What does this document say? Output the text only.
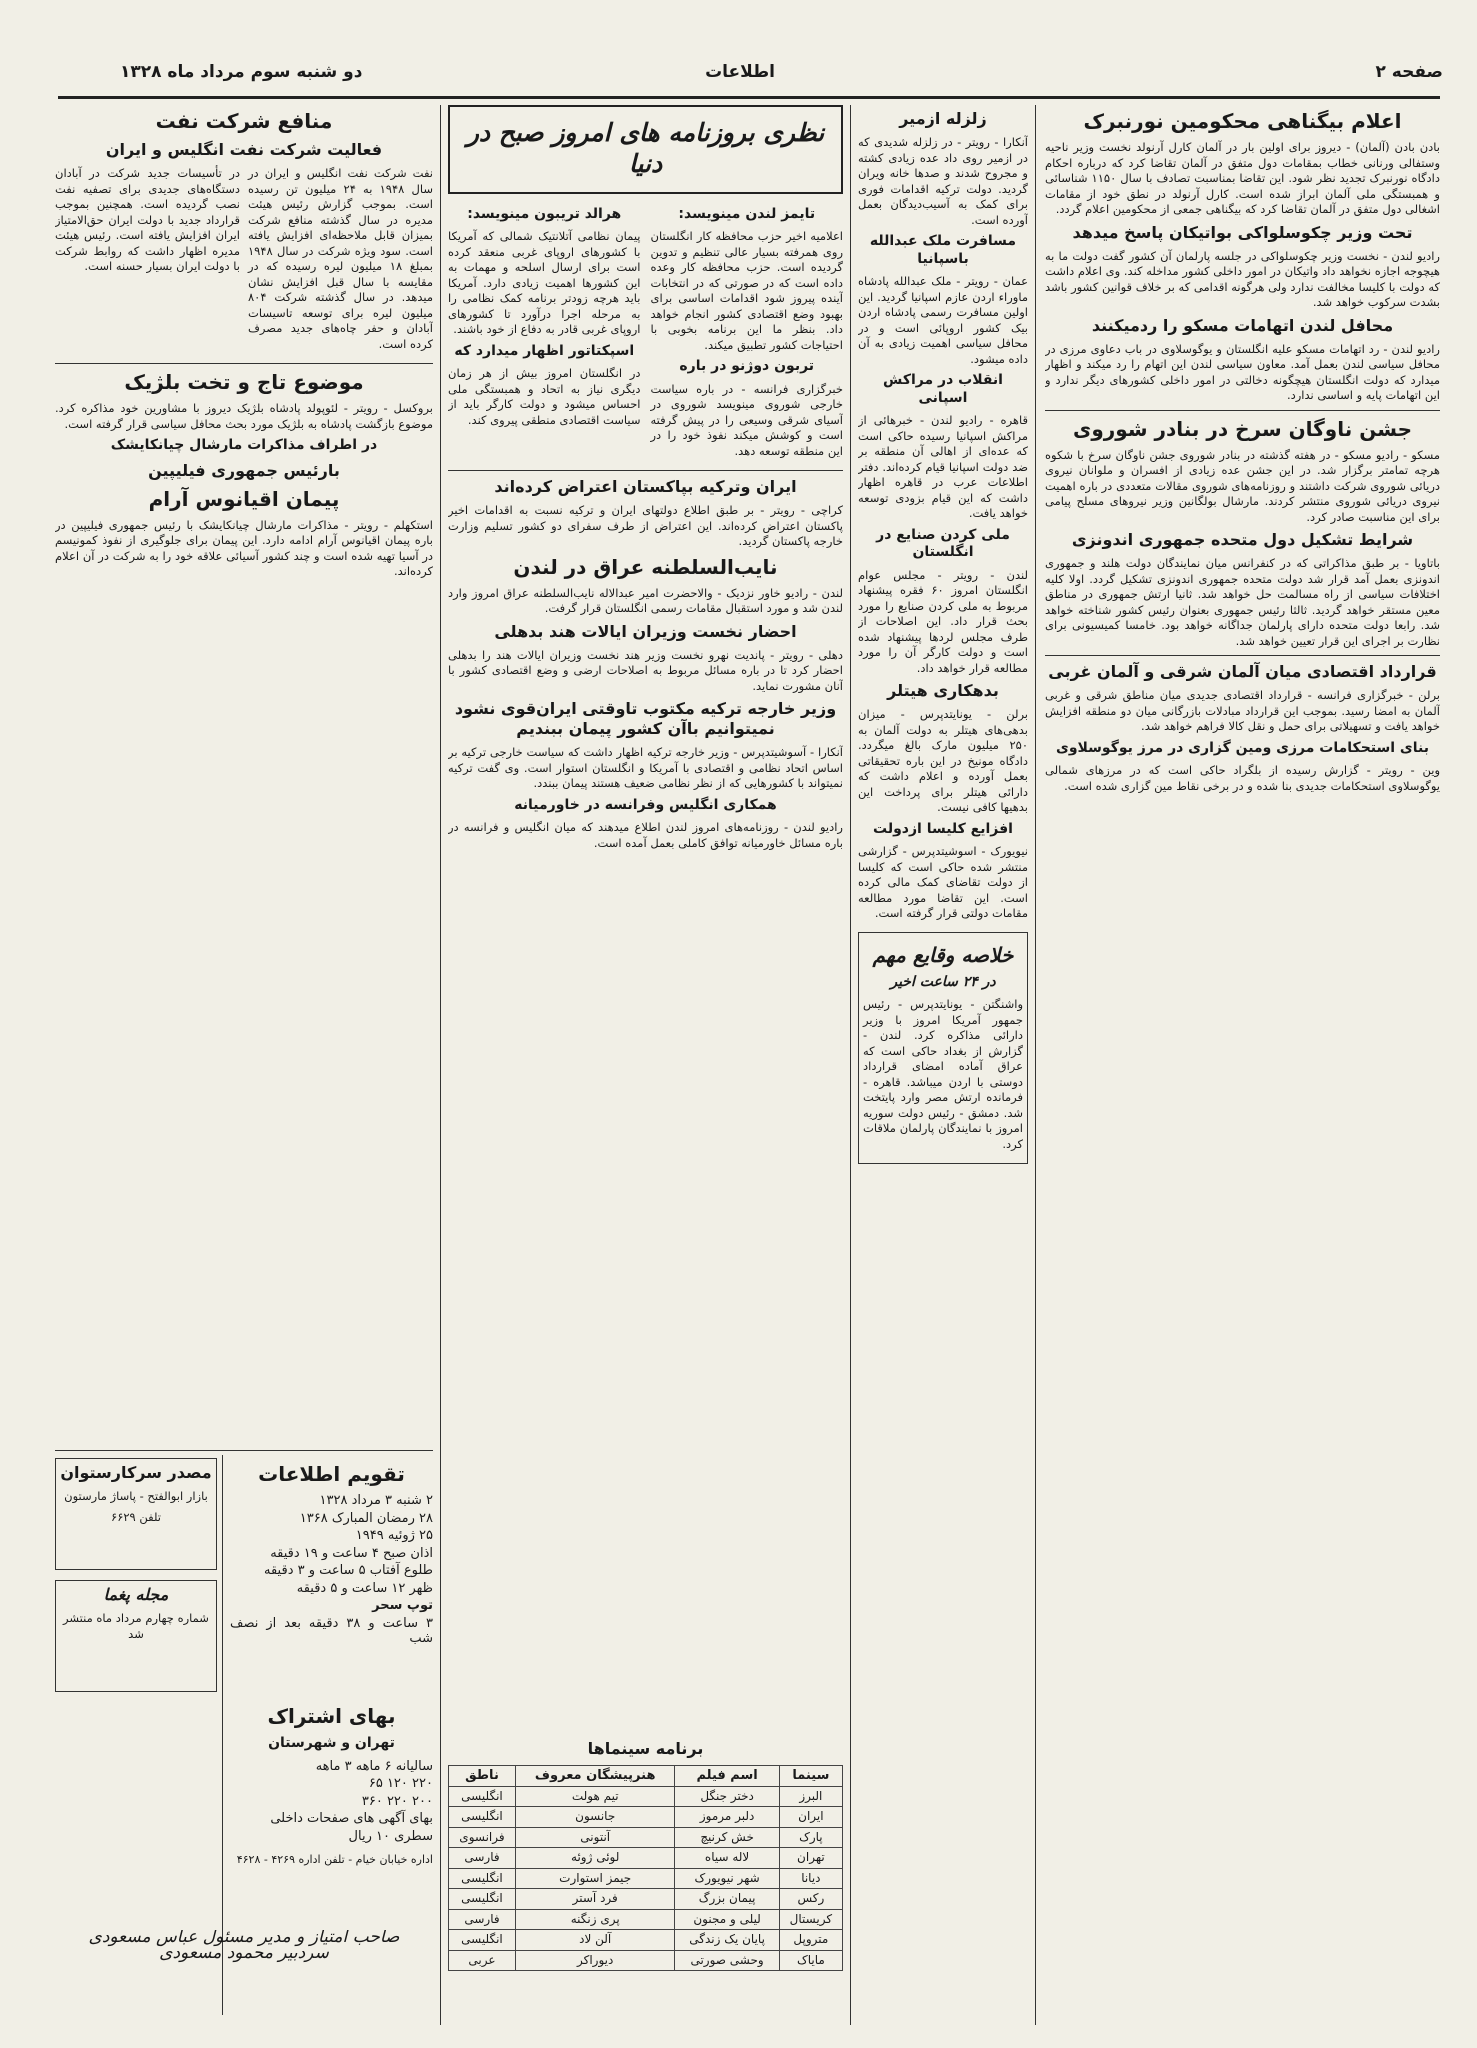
صفحه ۲
اطلاعات
دو شنبه سوم مرداد ماه ۱۳۲۸
اعلام بیگناهی محکومین نورنبرک

بادن بادن (آلمان) - دیروز برای اولین بار در آلمان کارل آرنولد نخست وزیر ناحیه وستفالی ورنانی خطاب بمقامات دول متفق در آلمان تقاضا کرد که درباره احکام دادگاه نورنبرک تجدید نظر شود. این تقاضا بمناسبت تصادف با سال ۱۱۵۰ شناسائی و همبستگی ملی آلمان ابراز شده است. کارل آرنولد در نطق خود از مقامات اشغالی دول متفق در آلمان تقاضا کرد که بیگناهی جمعی از محکومین اعلام گردد.

تحت وزیر چکوسلواکی بواتیکان پاسخ میدهد

رادیو لندن - نخست وزیر چکوسلواکی در جلسه پارلمان آن کشور گفت دولت ما به هیچوجه اجازه نخواهد داد واتیکان در امور داخلی کشور مداخله کند. وی اعلام داشت که دولت با کلیسا مخالفت ندارد ولی هرگونه اقدامی که بر خلاف قوانین کشور باشد بشدت سرکوب خواهد شد.

محافل لندن اتهامات مسکو را ردمیکنند

رادیو لندن - رد اتهامات مسکو علیه انگلستان و یوگوسلاوی در باب دعاوی مرزی در محافل سیاسی لندن بعمل آمد. معاون سیاسی لندن این اتهام را رد میکند و اظهار میدارد که دولت انگلستان هیچگونه دخالتی در امور داخلی کشورهای دیگر ندارد و این اتهامات پایه و اساسی ندارد.

جشن ناوگان سرخ در بنادر شوروی

مسکو - رادیو مسکو - در هفته گذشته در بنادر شوروی جشن ناوگان سرخ با شکوه هرچه تمامتر برگزار شد. در این جشن عده زیادی از افسران و ملوانان نیروی دریائی شوروی شرکت داشتند و روزنامه‌های شوروی مقالات متعددی در باره اهمیت نیروی دریائی شوروی منتشر کردند. مارشال بولگانین وزیر نیروهای مسلح پیامی برای این مناسبت صادر کرد.

شرایط تشکیل دول متحده جمهوری اندونزی

باتاویا - بر طبق مذاکراتی که در کنفرانس میان نمایندگان دولت هلند و جمهوری اندونزی بعمل آمد قرار شد دولت متحده جمهوری اندونزی تشکیل گردد. اولا کلیه اختلافات سیاسی از راه مسالمت حل خواهد شد. ثانیا ارتش جمهوری در مناطق معین مستقر خواهد گردید. ثالثا رئیس جمهوری بعنوان رئیس کشور شناخته خواهد شد. رابعا دولت متحده دارای پارلمان جداگانه خواهد بود. خامسا کمیسیونی برای نظارت بر اجرای این قرار تعیین خواهد شد.

قرارداد اقتصادی میان آلمان شرقی و آلمان غربی

برلن - خبرگزاری فرانسه - قرارداد اقتصادی جدیدی میان مناطق شرقی و غربی آلمان به امضا رسید. بموجب این قرارداد مبادلات بازرگانی میان دو منطقه افزایش خواهد یافت و تسهیلاتی برای حمل و نقل کالا فراهم خواهد شد.

بنای استحکامات مرزی ومین گزاری در مرز یوگوسلاوی

وین - رویتر - گزارش رسیده از بلگراد حاکی است که در مرزهای شمالی یوگوسلاوی استحکامات جدیدی بنا شده و در برخی نقاط مین گزاری شده است.

زلزله ازمیر

آنکارا - رویتر - در زلزله شدیدی که در ازمیر روی داد عده زیادی کشته و مجروح شدند و صدها خانه ویران گردید. دولت ترکیه اقدامات فوری برای کمک به آسیب‌دیدگان بعمل آورده است.

مسافرت ملک عبدالله باسپانیا

عمان - رویتر - ملک عبدالله پادشاه ماوراء اردن عازم اسپانیا گردید. این اولین مسافرت رسمی پادشاه اردن بیک کشور اروپائی است و در محافل سیاسی اهمیت زیادی به آن داده میشود.

انقلاب در مراکش اسپانی

قاهره - رادیو لندن - خبرهائی از مراکش اسپانیا رسیده حاکی است که عده‌ای از اهالی آن منطقه بر ضد دولت اسپانیا قیام کرده‌اند. دفتر اطلاعات عرب در قاهره اظهار داشت که این قیام بزودی توسعه خواهد یافت.

ملی کردن صنایع در انگلستان

لندن - رویتر - مجلس عوام انگلستان امروز ۶۰ فقره پیشنهاد مربوط به ملی کردن صنایع را مورد بحث قرار داد. این اصلاحات از طرف مجلس لردها پیشنهاد شده است و دولت کارگر آن را مورد مطالعه قرار خواهد داد.

بدهکاری هیتلر

برلن - یونایتدپرس - میزان بدهی‌های هیتلر به دولت آلمان به ۲۵۰ میلیون مارک بالغ میگردد. دادگاه مونیخ در این باره تحقیقاتی بعمل آورده و اعلام داشت که دارائی هیتلر برای پرداخت این بدهیها کافی نیست.

افزایع کلیسا ازدولت

نیویورک - اسوشیتدپرس - گزارشی منتشر شده حاکی است که کلیسا از دولت تقاضای کمک مالی کرده است. این تقاضا مورد مطالعه مقامات دولتی قرار گرفته است.

خلاصه وقایع مهم
در ۲۴ ساعت اخیر

واشنگتن - یونایتدپرس - رئیس جمهور آمریکا امروز با وزیر دارائی مذاکره کرد. لندن - گزارش از بغداد حاکی است که عراق آماده امضای قرارداد دوستی با اردن میباشد. قاهره - فرمانده ارتش مصر وارد پایتخت شد. دمشق - رئیس دولت سوریه امروز با نمایندگان پارلمان ملاقات کرد.

نظری بروزنامه های امروز صبح در دنیا
تایمز لندن مینویسد:

اعلامیه اخیر حزب محافظه کار انگلستان روی همرفته بسیار عالی تنظیم و تدوین گردیده است. حزب محافظه کار وعده داده است که در صورتی که در انتخابات آینده پیروز شود اقدامات اساسی برای بهبود وضع اقتصادی کشور انجام خواهد داد. بنظر ما این برنامه بخوبی با احتیاجات کشور تطبیق میکند.

تربون دوژنو در باره

خبرگزاری فرانسه - در باره سیاست خارجی شوروی مینویسد شوروی در آسیای شرقی وسیعی را در پیش گرفته است و کوشش میکند نفوذ خود را در این منطقه توسعه دهد.

هرالد تریبون مینویسد:

پیمان نظامی آتلانتیک شمالی که آمریکا با کشورهای اروپای غربی منعقد کرده است برای ارسال اسلحه و مهمات به این کشورها اهمیت زیادی دارد. آمریکا باید هرچه زودتر برنامه کمک نظامی را به مرحله اجرا درآورد تا کشورهای اروپای غربی قادر به دفاع از خود باشند.

اسپکتاتور اظهار میدارد که

در انگلستان امروز بیش از هر زمان دیگری نیاز به اتحاد و همبستگی ملی احساس میشود و دولت کارگر باید از سیاست اقتصادی منطقی پیروی کند.

ایران وترکیه بپاکستان اعتراض کرده‌اند

کراچی - رویتر - بر طبق اطلاع دولتهای ایران و ترکیه نسبت به اقدامات اخیر پاکستان اعتراض کرده‌اند. این اعتراض از طرف سفرای دو کشور تسلیم وزارت خارجه پاکستان گردید.

نایب‌السلطنه عراق در لندن

لندن - رادیو خاور نزدیک - والاحضرت امیر عبدالاله نایب‌السلطنه عراق امروز وارد لندن شد و مورد استقبال مقامات رسمی انگلستان قرار گرفت.

احضار نخست وزیران ایالات هند بدهلی

دهلی - رویتر - پاندیت نهرو نخست وزیر هند نخست وزیران ایالات هند را بدهلی احضار کرد تا در باره مسائل مربوط به اصلاحات ارضی و وضع اقتصادی کشور با آنان مشورت نماید.

وزیر خارجه ترکیه مکتوب تاوقتی ایران‌قوی نشود نمیتوانیم باآن کشور پیمان ببندیم

آنکارا - آسوشیتدپرس - وزیر خارجه ترکیه اظهار داشت که سیاست خارجی ترکیه بر اساس اتحاد نظامی و اقتصادی با آمریکا و انگلستان استوار است. وی گفت ترکیه نمیتواند با کشورهایی که از نظر نظامی ضعیف هستند پیمان ببندد.

همکاری انگلیس وفرانسه در خاورمیانه

رادیو لندن - روزنامه‌های امروز لندن اطلاع میدهند که میان انگلیس و فرانسه در باره مسائل خاورمیانه توافق کاملی بعمل آمده است.

برنامه سینماها
سینما	اسم فیلم	هنرپیشگان معروف	ناطق
البرز	دختر جنگل	تیم هولت	انگلیسی
ایران	دلبر مرموز	جانسون	انگلیسی
پارک	خش کرنیچ	آنتونی	فرانسوی
تهران	لاله سیاه	لوئی ژوئه	فارسی
دیانا	شهر نیویورک	جیمز استوارت	انگلیسی
رکس	پیمان بزرگ	فرد آستر	انگلیسی
کریستال	لیلی و مجنون	پری زنگنه	فارسی
متروپل	پایان یک زندگی	آلن لاد	انگلیسی
مایاک	وحشی صورتی	دیوراکر	عربی
منافع شرکت نفت
فعالیت شرکت نفت انگلیس و ایران

نفت شرکت نفت انگلیس و ایران در سال ۱۹۴۸ به ۲۴ میلیون تن رسیده است. بموجب گزارش رئیس هیئت مدیره در سال گذشته منافع شرکت بمیزان قابل ملاحظه‌ای افزایش یافته است. سود ویژه شرکت در سال ۱۹۴۸ بمبلغ ۱۸ میلیون لیره رسیده که در مقایسه با سال قبل افزایش نشان میدهد. در سال گذشته شرکت ۸۰۴ میلیون لیره برای توسعه تاسیسات آبادان و حفر چاه‌های جدید مصرف کرده است.

در تأسیسات جدید شرکت در آبادان دستگاه‌های جدیدی برای تصفیه نفت نصب گردیده است. همچنین بموجب قرارداد جدید با دولت ایران حق‌الامتیاز ایران افزایش یافته است. رئیس هیئت مدیره اظهار داشت که روابط شرکت با دولت ایران بسیار حسنه است.

موضوع تاج و تخت بلژیک

بروکسل - رویتر - لئوپولد پادشاه بلژیک دیروز با مشاورین خود مذاکره کرد. موضوع بازگشت پادشاه به بلژیک مورد بحث محافل سیاسی قرار گرفته است.

در اطراف مذاکرات مارشال چیانکایشک
بارئیس جمهوری فیلیپین
پیمان اقیانوس آرام

استکهلم - رویتر - مذاکرات مارشال چیانکایشک با رئیس جمهوری فیلیپین در باره پیمان اقیانوس آرام ادامه دارد. این پیمان برای جلوگیری از نفوذ کمونیسم در آسیا تهیه شده است و چند کشور آسیائی علاقه خود را به شرکت در آن اعلام کرده‌اند.

تقویم اطلاعات
۲ شنبه ۳ مرداد ۱۳۲۸
۲۸ رمضان المبارک ۱۳۶۸
۲۵ ژوئیه ۱۹۴۹
اذان صبح ۴ ساعت و ۱۹ دقیقه
طلوع آفتاب ۵ ساعت و ۳ دقیقه
ظهر ۱۲ ساعت و ۵ دقیقه
توپ سحر
۳ ساعت و ۳۸ دقیقه بعد از نصف شب
مصدر سرکارستوان

بازار ابوالفتح - پاساژ مارستون

تلفن ۶۶۲۹

مجله پغما

شماره چهارم مرداد ماه منتشر شد

بهای اشتراک
تهران و شهرستان
سالیانه ۶ ماهه ۳ ماهه
۲۲۰ ۱۲۰ ۶۵
۲۰۰ ۲۲۰ ۳۶۰
بهای آگهی های صفحات داخلی
سطری ۱۰ ریال

اداره خیابان خیام - تلفن اداره ۴۲۶۹ - ۴۶۲۸

صاحب امتیاز و مدیر مسئول عباس مسعودی
سردبیر محمود مسعودی
